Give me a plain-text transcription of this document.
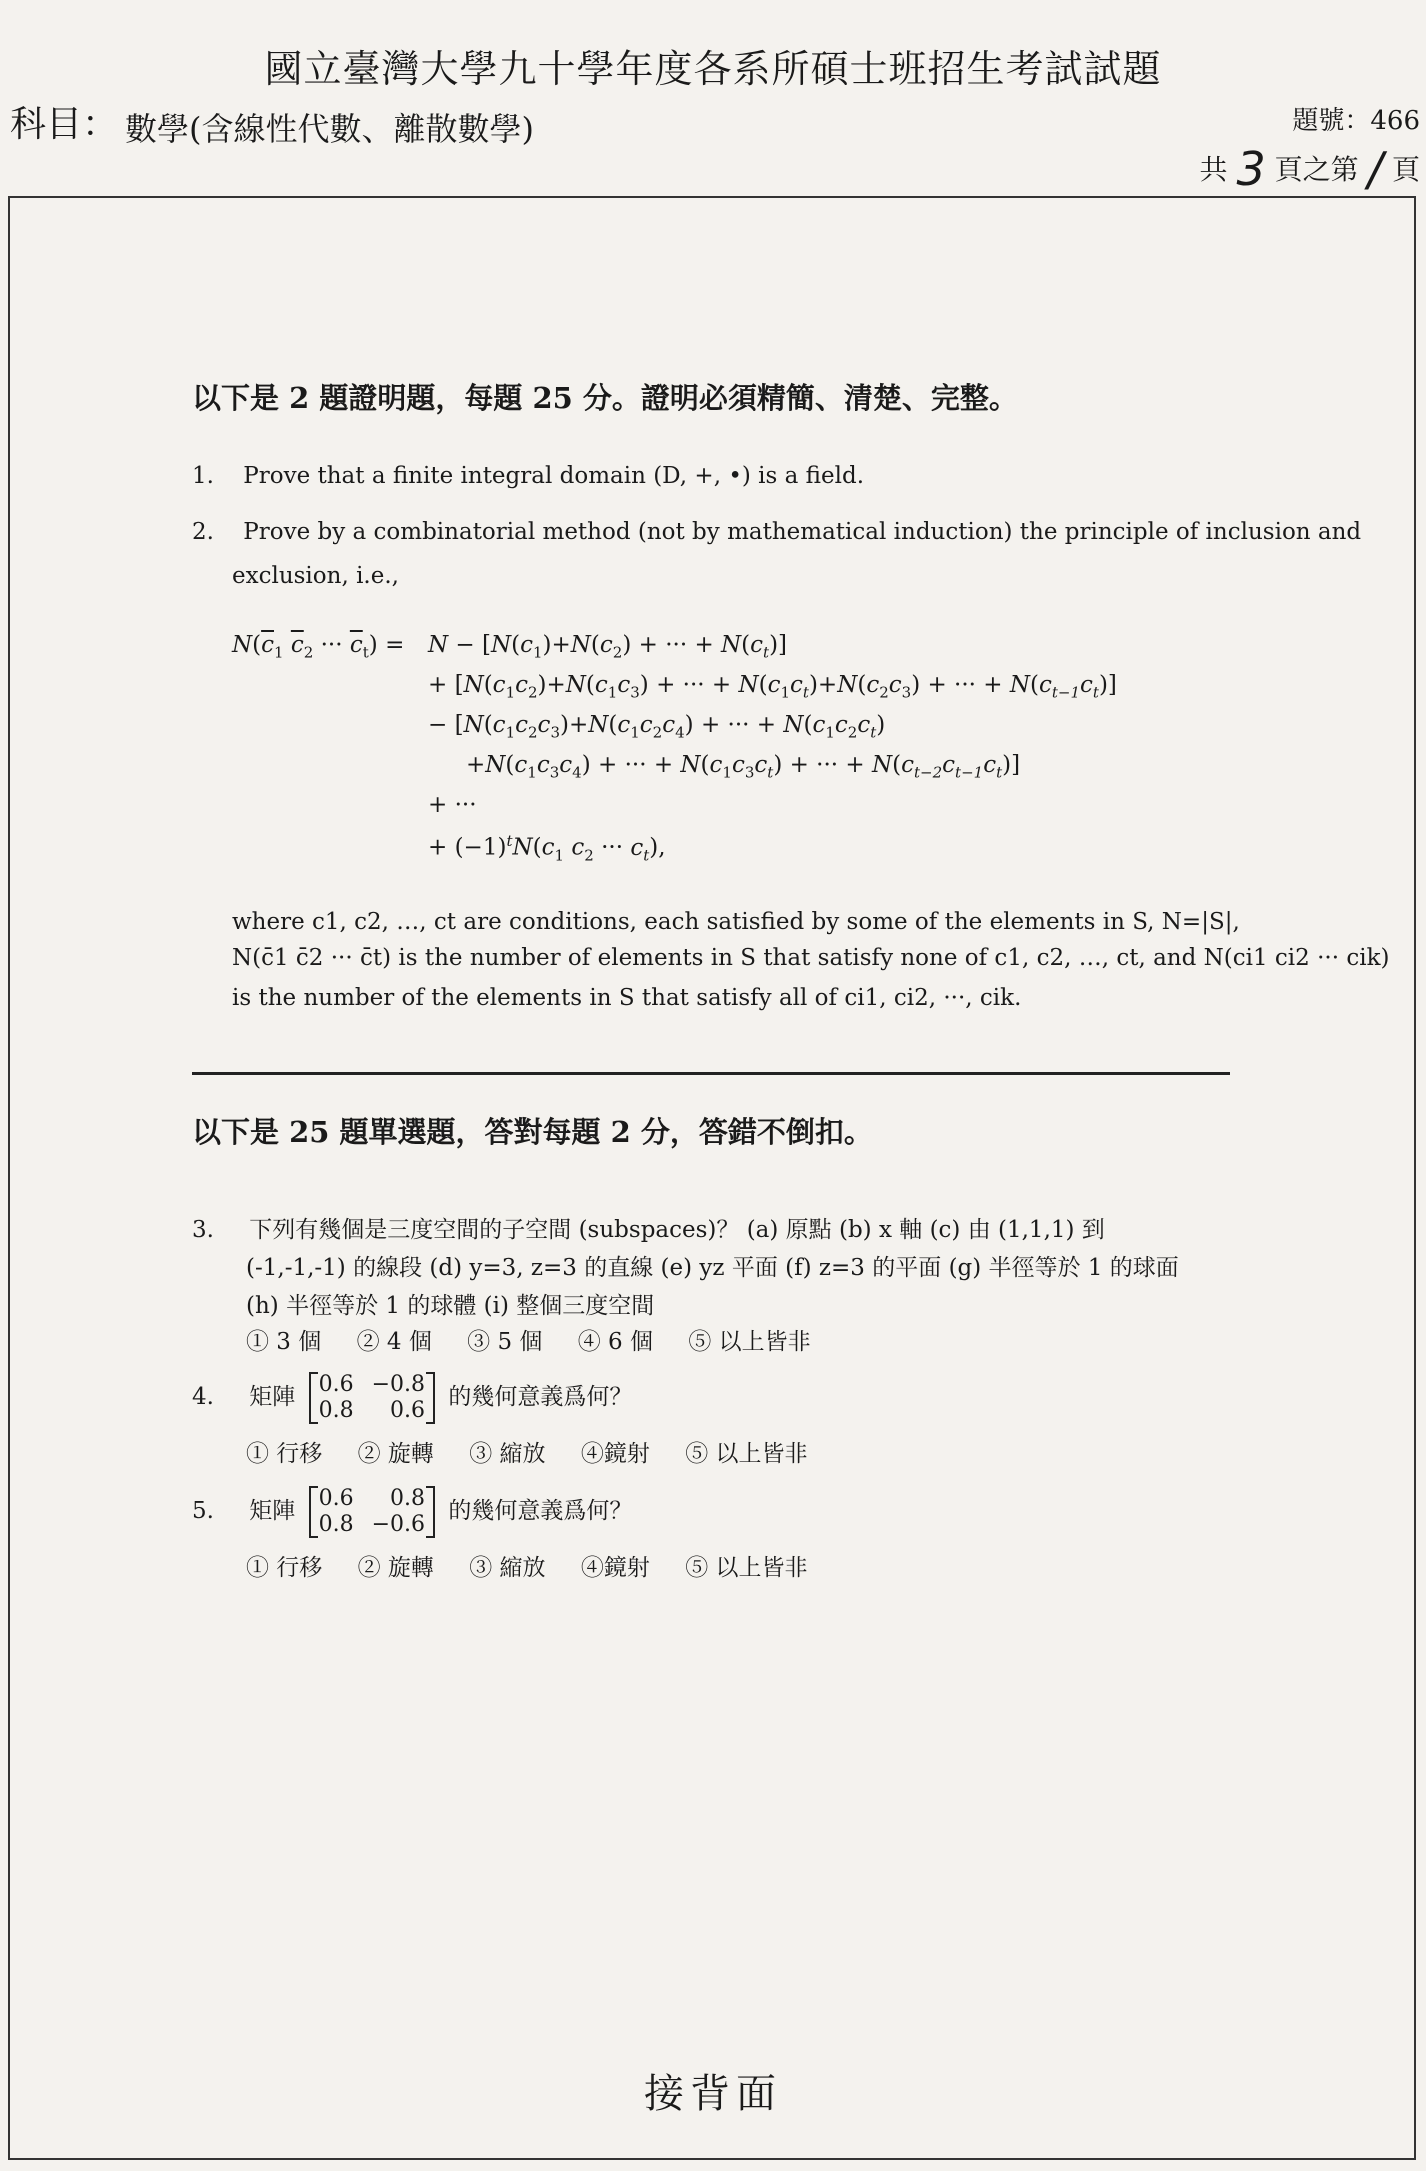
國立臺灣大學九十學年度各系所碩士班招生考試試題
科目： 數學(含線性代數、離散數學)	題號：466
共 3 頁之第 / 頁
以下是 2 題證明題，每題 25 分。證明必須精簡、清楚、完整。
1. Prove that a finite integral domain (D, +, •) is a field.
2. Prove by a combinatorial method (not by mathematical induction) the principle of inclusion and
exclusion, i.e.,
$N(\overline{c}_1$ $\overline{c}_2$ ··· $\overline{c}_t) = N - [N(c_1)+N(c_2)$ + ··· + $N(c_t)$]
+ [$N(c_1c_2)+N(c_1c_3)$ + ··· + $N(c_1c_t)+N(c_2c_3)$ + ··· + $N(c_{t-1}c_t)$]
− [$N(c_1c_2c_3)+N(c_1c_2c_4)$ + ··· + $N(c_1c_2c_t)$
$+N(c_1c_3c_4)$ + ··· + $N(c_1c_3c_t)$ + ··· + $N(c_{t-2}c_{t-1}c_t)$]
+ ···
+ $(-1)^tN(c_1$ $c_2$ ··· $c_t$),
where c1, c2, …, ct are conditions, each satisfied by some of the elements in S, N=|S|,
N(c̄1 c̄2 ··· c̄t) is the number of elements in S that satisfy none of c1, c2, …, ct, and N(ci1 ci2 ··· cik)
is the number of the elements in S that satisfy all of ci1, ci2, ···, cik.
以下是 25 題單選題，答對每題 2 分，答錯不倒扣。
3. 下列有幾個是三度空間的子空間 (subspaces)？ (a) 原點 (b) x 軸 (c) 由 (1,1,1) 到
(-1,-1,-1) 的線段 (d) y=3, z=3 的直線 (e) yz 平面 (f) z=3 的平面 (g) 半徑等於 1 的球面
(h) 半徑等於 1 的球體 (i) 整個三度空間
① 3 個 ② 4 個 ③ 5 個 ④ 6 個 ⑤ 以上皆非
4. 矩陣 0.6 −0.8
0.8 0.6
的幾何意義爲何？
① 行移 ② 旋轉 ③ 縮放 ④鏡射 ⑤ 以上皆非
5. 矩陣 0.6 0.8
0.8 −0.6
的幾何意義爲何？
① 行移 ② 旋轉 ③ 縮放 ④鏡射 ⑤ 以上皆非
接背面
